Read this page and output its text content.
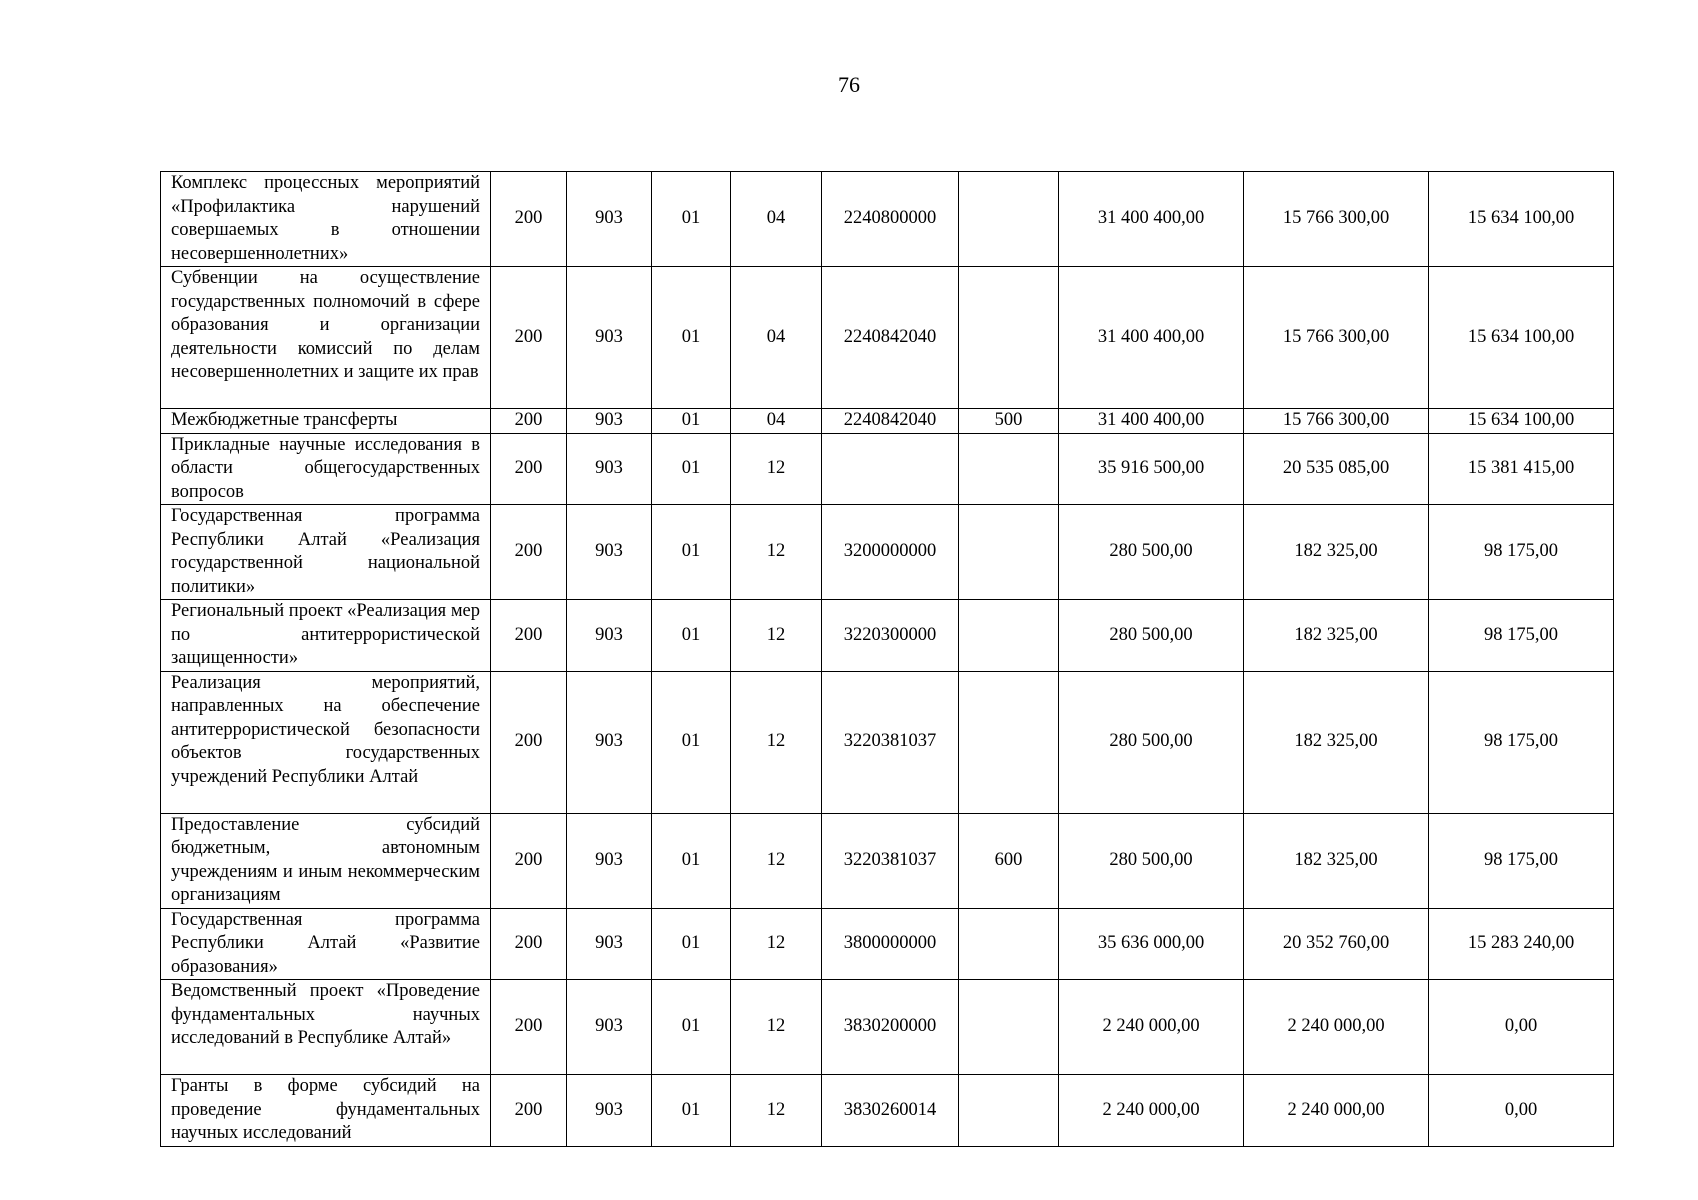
76
Комплекс процессных мероприятий «Профилактика нарушений совершаемых в отношении несовершеннолетних»	200	903	01	04	2240800000		31 400 400,00	15 766 300,00	15 634 100,00
Субвенции на осуществление государственных полномочий в сфере образования и организации деятельности комиссий по делам несовершеннолетних и защите их прав	200	903	01	04	2240842040		31 400 400,00	15 766 300,00	15 634 100,00
Межбюджетные трансферты	200	903	01	04	2240842040	500	31 400 400,00	15 766 300,00	15 634 100,00
Прикладные научные исследования в области общегосударственных вопросов	200	903	01	12			35 916 500,00	20 535 085,00	15 381 415,00
Государственная программа Республики Алтай «Реализация государственной национальной политики»	200	903	01	12	3200000000		280 500,00	182 325,00	98 175,00
Региональный проект «Реализация мер по антитеррористической защищенности»	200	903	01	12	3220300000		280 500,00	182 325,00	98 175,00
Реализация мероприятий, направленных на обеспечение антитеррористической безопасности объектов государственных учреждений Республики Алтай	200	903	01	12	3220381037		280 500,00	182 325,00	98 175,00
Предоставление субсидий бюджетным, автономным учреждениям и иным некоммерческим организациям	200	903	01	12	3220381037	600	280 500,00	182 325,00	98 175,00
Государственная программа Республики Алтай «Развитие образования»	200	903	01	12	3800000000		35 636 000,00	20 352 760,00	15 283 240,00
Ведомственный проект «Проведение фундаментальных научных исследований в Республике Алтай»	200	903	01	12	3830200000		2 240 000,00	2 240 000,00	0,00
Гранты в форме субсидий на проведение фундаментальных научных исследований	200	903	01	12	3830260014		2 240 000,00	2 240 000,00	0,00
